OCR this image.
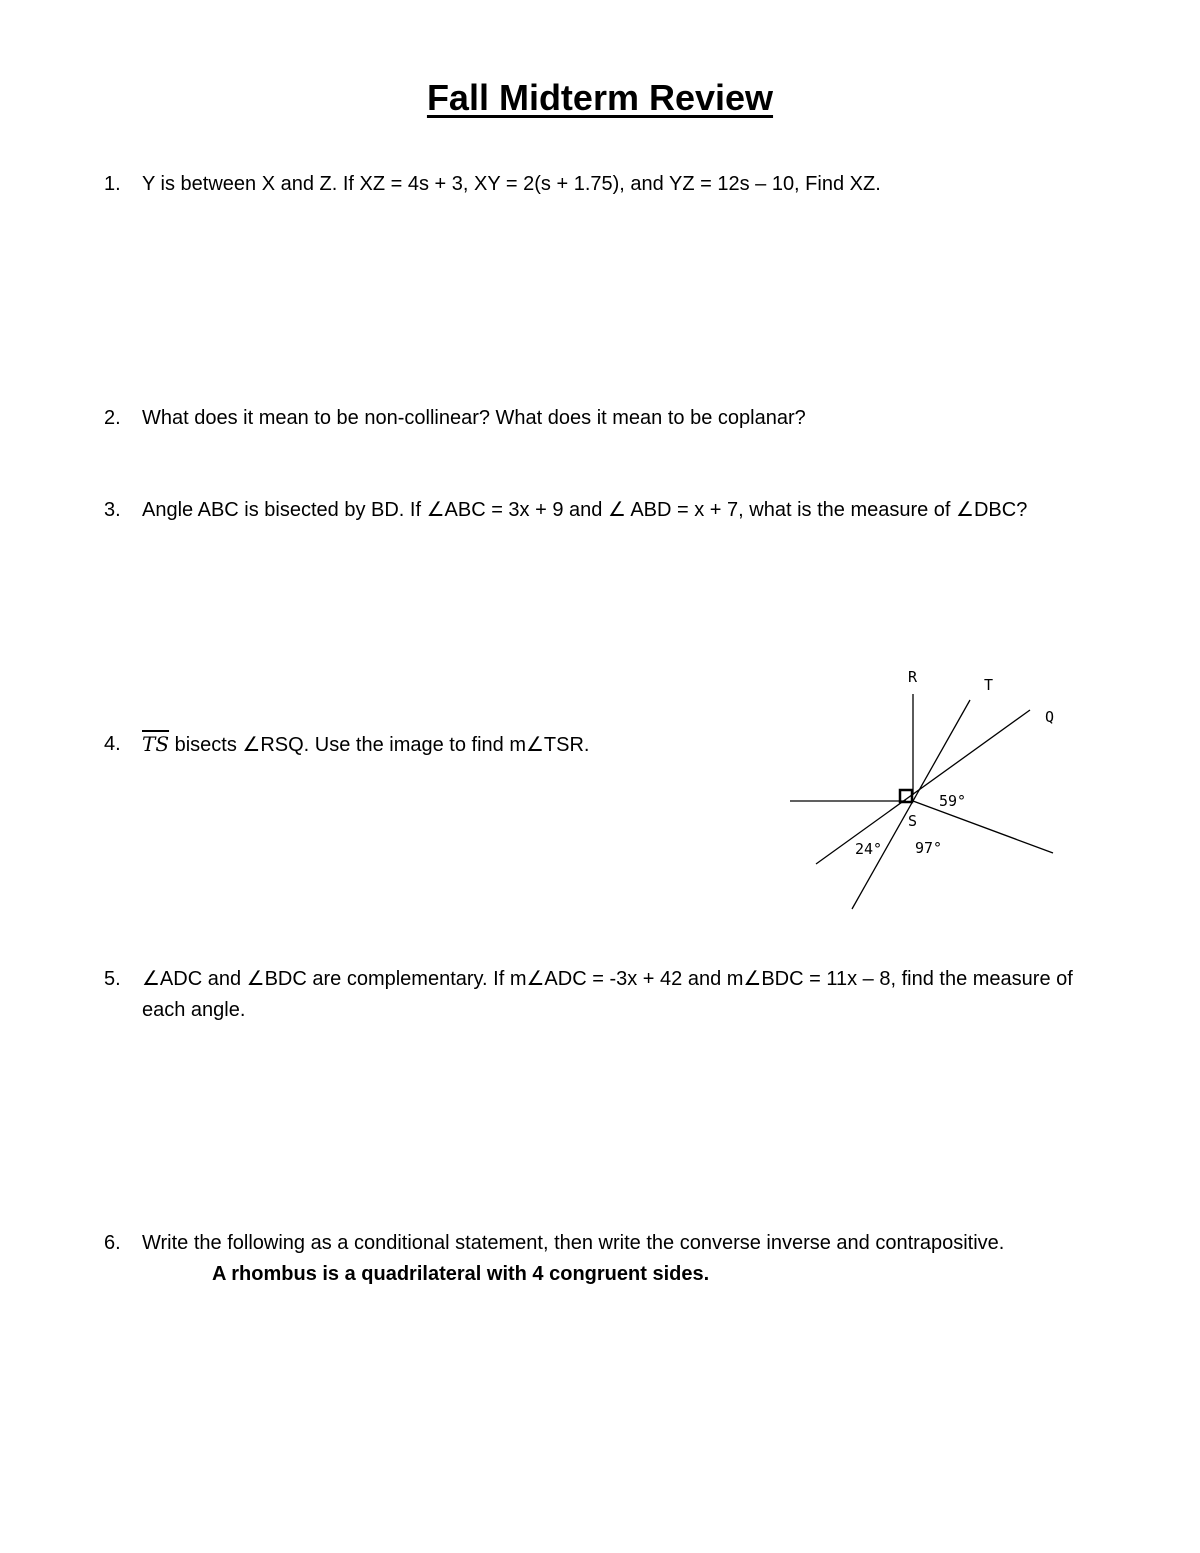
Fall Midterm Review
1. Y is between X and Z. If XZ = 4s + 3, XY = 2(s + 1.75), and YZ = 12s – 10, Find XZ.
2. What does it mean to be non-collinear? What does it mean to be coplanar?
3. Angle ABC is bisected by BD. If ∠ABC = 3x + 9 and ∠ ABD = x + 7, what is the measure of ∠DBC?
4. $\overline{TS}$ bisects ∠RSQ. Use the image to find m∠TSR.
R	T
Q
S
59°
24° 97°
5. ∠ADC and ∠BDC are complementary. If m∠ADC = -3x + 42 and m∠BDC = 11x – 8, find the measure of
each angle.
6. Write the following as a conditional statement, then write the converse inverse and contrapositive.
A rhombus is a quadrilateral with 4 congruent sides.
